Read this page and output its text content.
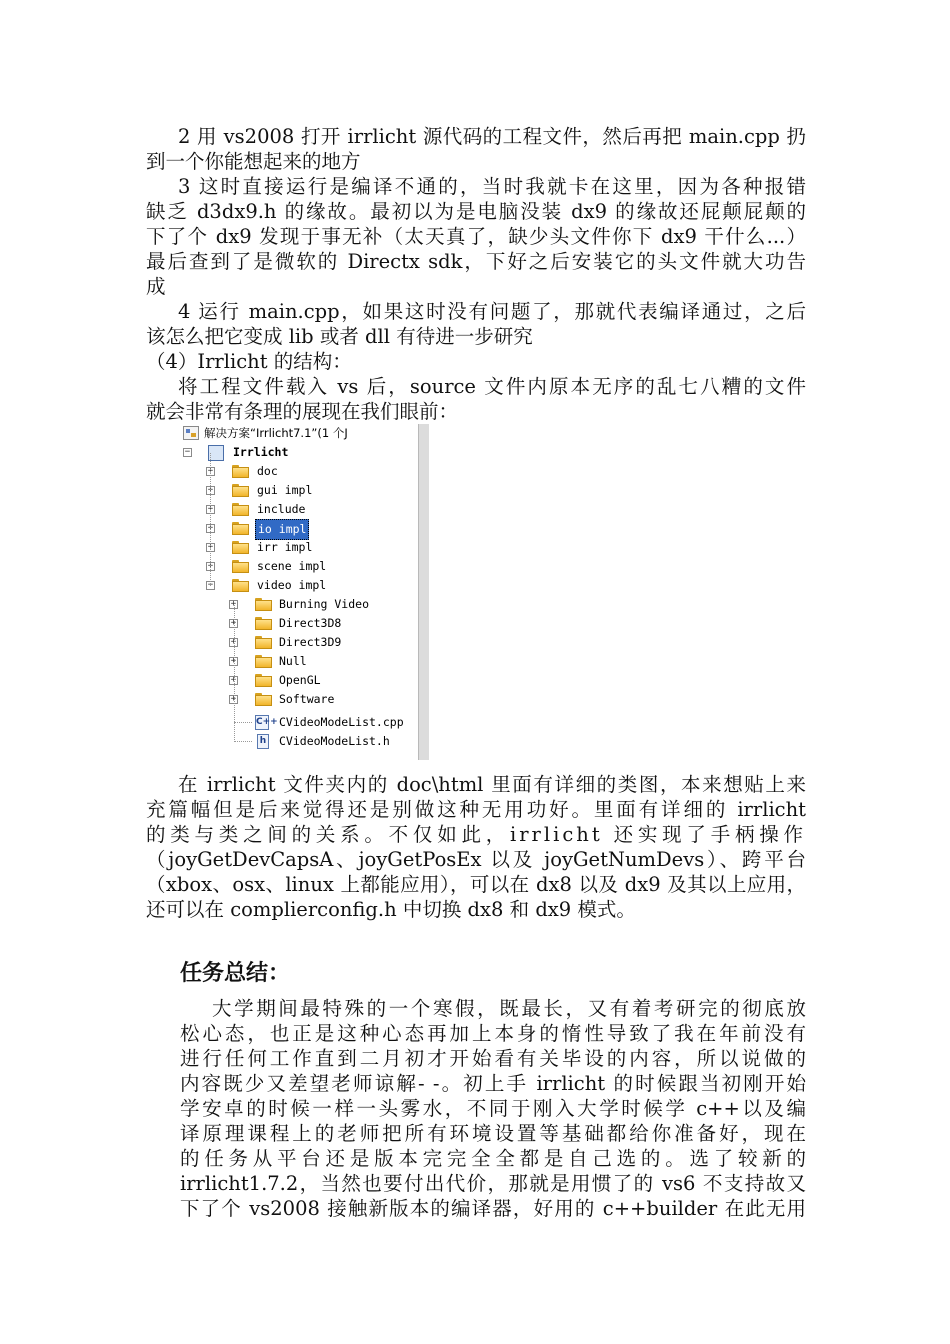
2 用 vs2008 打开 irrlicht 源代码的工程文件，然后再把 main.cpp 扔
到一个你能想起来的地方
3 这时直接运行是编译不通的，当时我就卡在这里，因为各种报错
缺乏 d3dx9.h 的缘故。最初以为是电脑没装 dx9 的缘故还屁颠屁颠的
下了个 dx9 发现于事无补（太天真了，缺少头文件你下 dx9 干什么...）
最后查到了是微软的 Directx sdk，下好之后安装它的头文件就大功告
成
4 运行 main.cpp，如果这时没有问题了，那就代表编译通过，之后
该怎么把它变成 lib 或者 dll 有待进一步研究
（4）Irrlicht 的结构：
将工程文件载入 vs 后，source 文件内原本无序的乱七八糟的文件
就会非常有条理的展现在我们眼前：
解决方案“Irrlicht7.1”(1 个J
−	Irrlicht
+	doc
+	gui impl
+	include
+	io impl
+	irr impl
+	scene impl
−	video impl
+	Burning Video
+	Direct3D8
+	Direct3D9
+	Null
+	OpenGL
+	Software
C++ CVideoModeList.cpp
h CVideoModeList.h
在 irrlicht 文件夹内的 doc\html 里面有详细的类图，本来想贴上来
充篇幅但是后来觉得还是别做这种无用功好。里面有详细的 irrlicht
的类与类之间的关系。不仅如此，irrlicht 还实现了手柄操作
（joyGetDevCapsA、joyGetPosEx 以及 joyGetNumDevs）、跨平台
（xbox、osx、linux 上都能应用），可以在 dx8 以及 dx9 及其以上应用，
还可以在 complierconfig.h 中切换 dx8 和 dx9 模式。
任务总结：
大学期间最特殊的一个寒假，既最长，又有着考研完的彻底放
松心态，也正是这种心态再加上本身的惰性导致了我在年前没有
进行任何工作直到二月初才开始看有关毕设的内容，所以说做的
内容既少又差望老师谅解- -。初上手 irrlicht 的时候跟当初刚开始
学安卓的时候一样一头雾水，不同于刚入大学时候学 c++以及编
译原理课程上的老师把所有环境设置等基础都给你准备好，现在
的任务从平台还是版本完完全全都是自己选的。选了较新的
irrlicht1.7.2，当然也要付出代价，那就是用惯了的 vs6 不支持故又
下了个 vs2008 接触新版本的编译器，好用的 c++builder 在此无用
